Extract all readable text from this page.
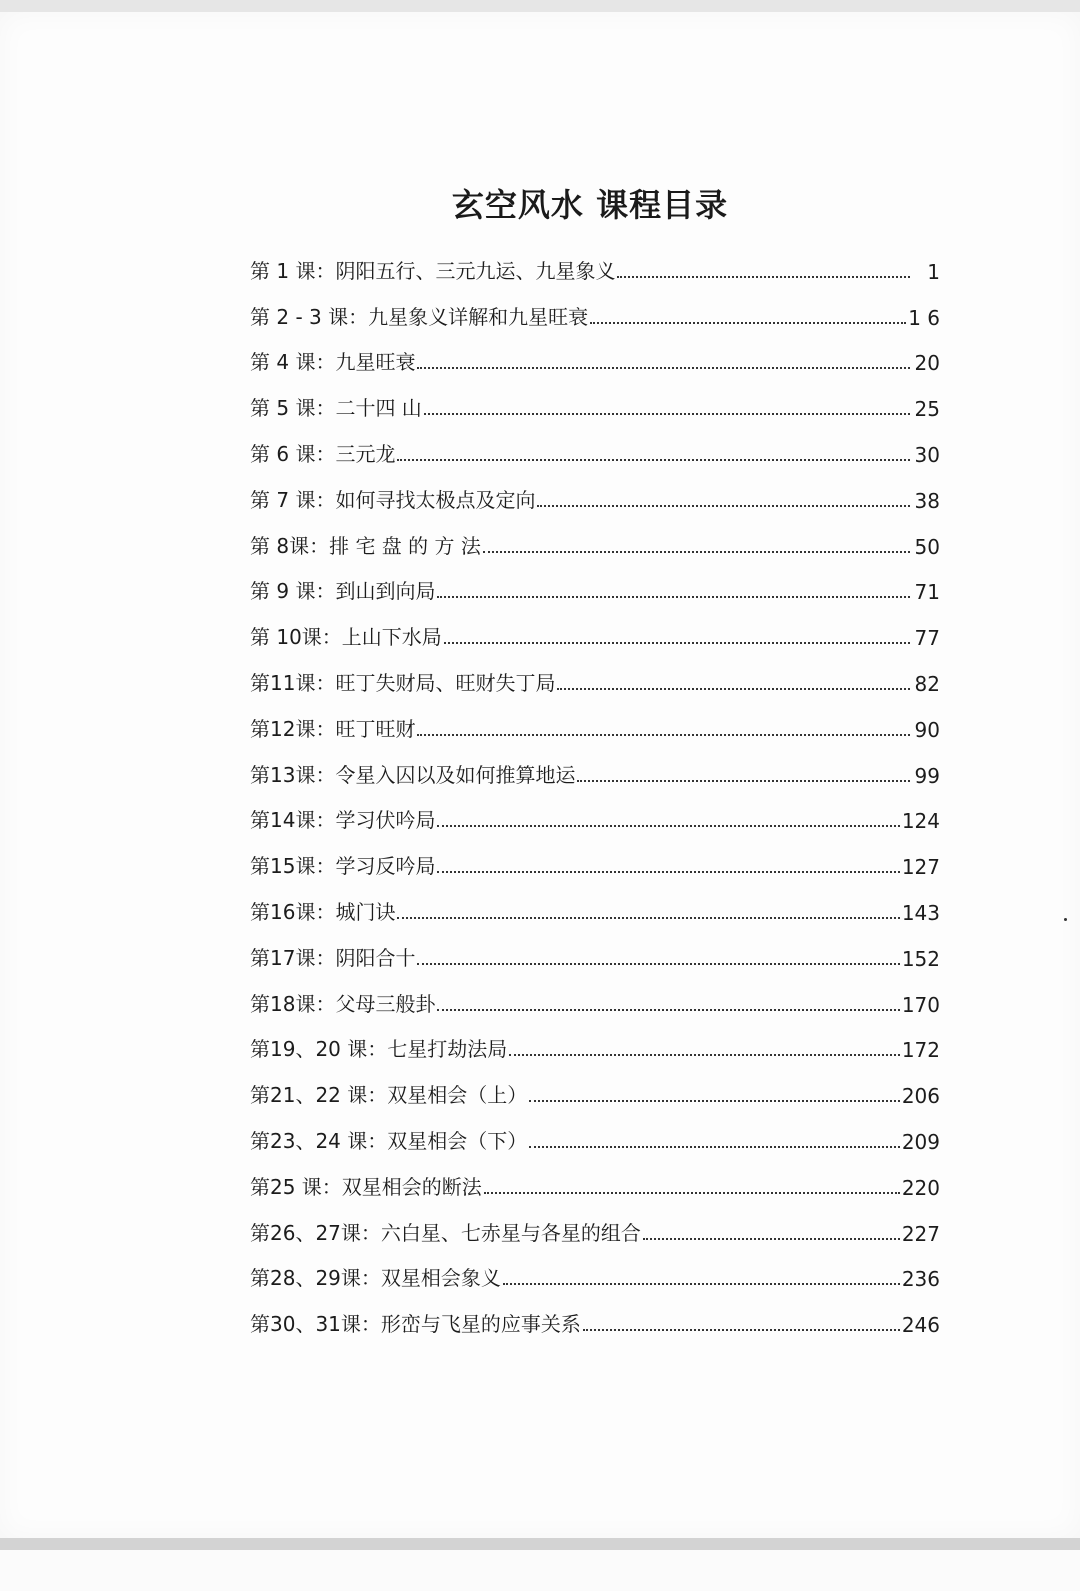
玄空风水 课程目录
第 1 课：阴阳五行、三元九运、九星象义	1
第 2 - 3 课：九星象义详解和九星旺衰	1 6
第 4 课：九星旺衰	20
第 5 课：二十四 山	25
第 6 课：三元龙	30
第 7 课：如何寻找太极点及定向	38
第 8课：排 宅 盘 的 方 法	50
第 9 课：到山到向局	71
第 10课：上山下水局	77
第11课：旺丁失财局、旺财失丁局	82
第12课：旺丁旺财	90
第13课：令星入囚以及如何推算地运	99
第14课：学习伏吟局	124
第15课：学习反吟局	127
第16课：城门诀	143
第17课：阴阳合十	152
第18课：父母三般卦	170
第19、20 课：七星打劫法局	172
第21、22 课：双星相会（上）	206
第23、24 课：双星相会（下）	209
第25 课：双星相会的断法	220
第26、27课：六白星、七赤星与各星的组合	227
第28、29课：双星相会象义	236
第30、31课：形峦与飞星的应事关系	246
